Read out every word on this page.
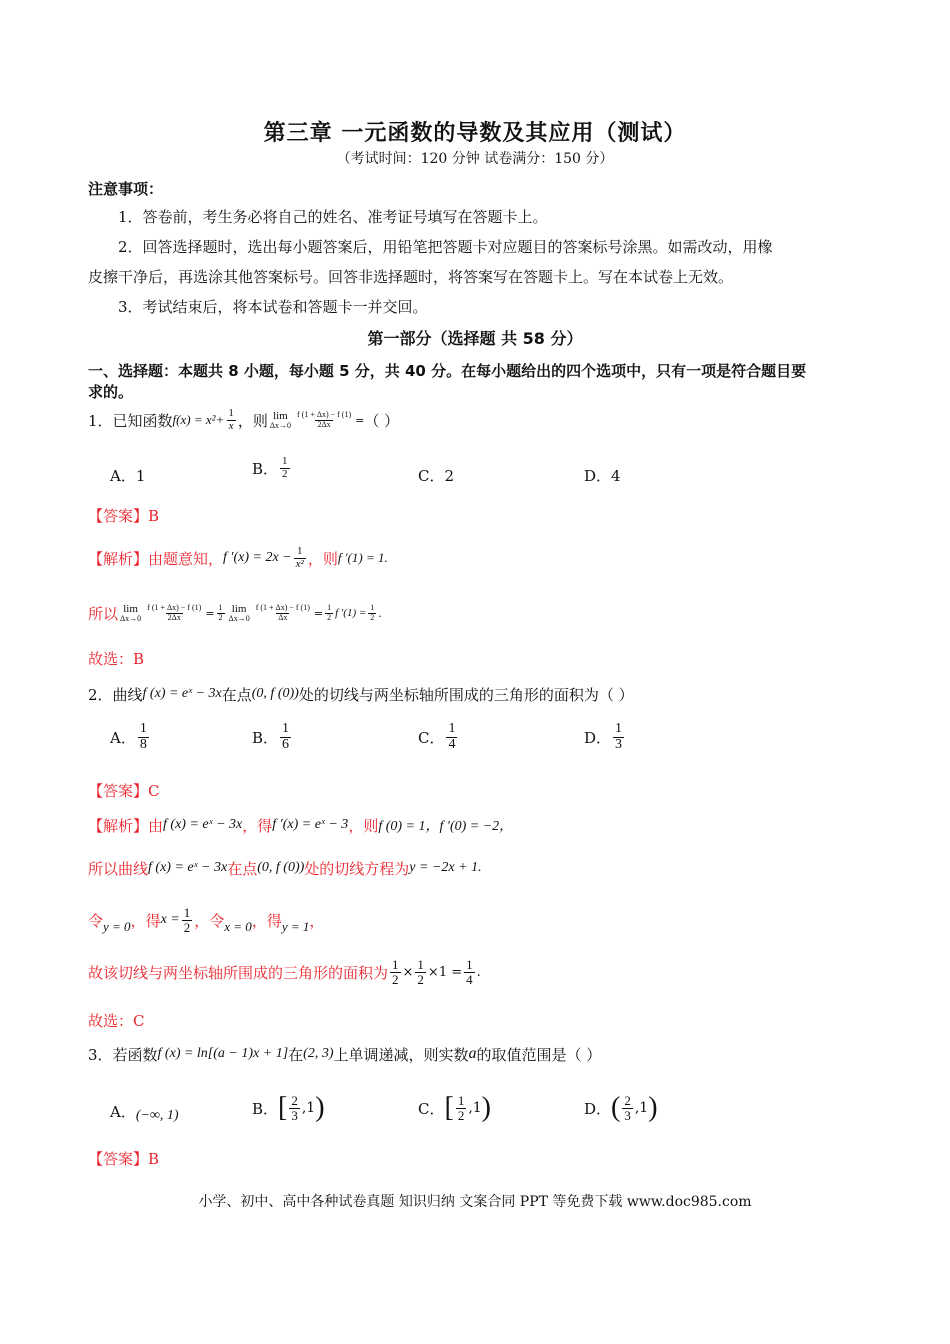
第三章 一元函数的导数及其应用（测试）
（考试时间：120 分钟 试卷满分：150 分）
注意事项：
1．答卷前，考生务必将自己的姓名、准考证号填写在答题卡上。
2．回答选择题时，选出每小题答案后，用铅笔把答题卡对应题目的答案标号涂黑。如需改动，用橡
皮擦干净后，再选涂其他答案标号。回答非选择题时，将答案写在答题卡上。写在本试卷上无效。
3．考试结束后，将本试卷和答题卡一并交回。
第一部分（选择题 共 58 分）
一、选择题：本题共 8 小题，每小题 5 分，共 40 分。在每小题给出的四个选项中，只有一项是符合题目要
求的。
1．已知函数 f $(x) = x^2+ \frac{1}{x}$ ，则 lim
$\Delta x\to 0 \frac{f (1 + \Delta x) - f (1)}{2\Delta x}$ = （ ）
A．1	B． $\frac{1}{2}$	C．2	D．4
【答案】B
【解析】 由题意知， f $'(x) = 2x - \frac{1}{\text{x²}}$ ，则 f ′(1) = 1.
所以 lim
$\Delta x\to 0 \frac{f (1 + \Delta x) - f (1)}{2\Delta x} = \frac{1}{2}$ lim
$\Delta x\to 0 \frac{f (1 + \Delta x) - f (1)}{\Delta x} = \frac{1}{2}$ f $'(1) = \frac{1}{2}$ .
故选：B
2．曲线 f (x) = eˣ − 3x 在点 (0, f (0)) 处的切线与两坐标轴所围成的三角形的面积为（ ）
A． $\frac{1}{8}$	B． $\frac{1}{6}$	C． $\frac{1}{4}$	D． $\frac{1}{3}$
【答案】C
【解析】 由 f (x) = eˣ − 3x ，得 f ′(x) = eˣ − 3 ，则 f (0) = 1，f ′(0) = −2，
所以曲线 f (x) = eˣ − 3x 在点 (0, f (0)) 处的切线方程为 y = −2x + 1.
令 y = 0 ，得 $x = \frac{1}{2}$ ，令 x = 0 ，得 y = 1 ，
故该切线与两坐标轴所围成的三角形的面积为 $\frac{1}{2} \times \frac{1}{2} \times 1 = \frac{1}{4}$ .
故选：C
3．若函数 f (x) = ln[(a − 1)x + 1] 在 (2, 3) 上单调递减，则实数 a 的取值范围是（ ）
A． (−∞, 1)	B． [ $\frac{2}{3} ,1$ )	C． [ $\frac{1}{2} ,1$ )	D． ( $\frac{2}{3} ,1$ )
【答案】B
小学、初中、高中各种试卷真题 知识归纳 文案合同 PPT 等免费下载 www.doc985.com
